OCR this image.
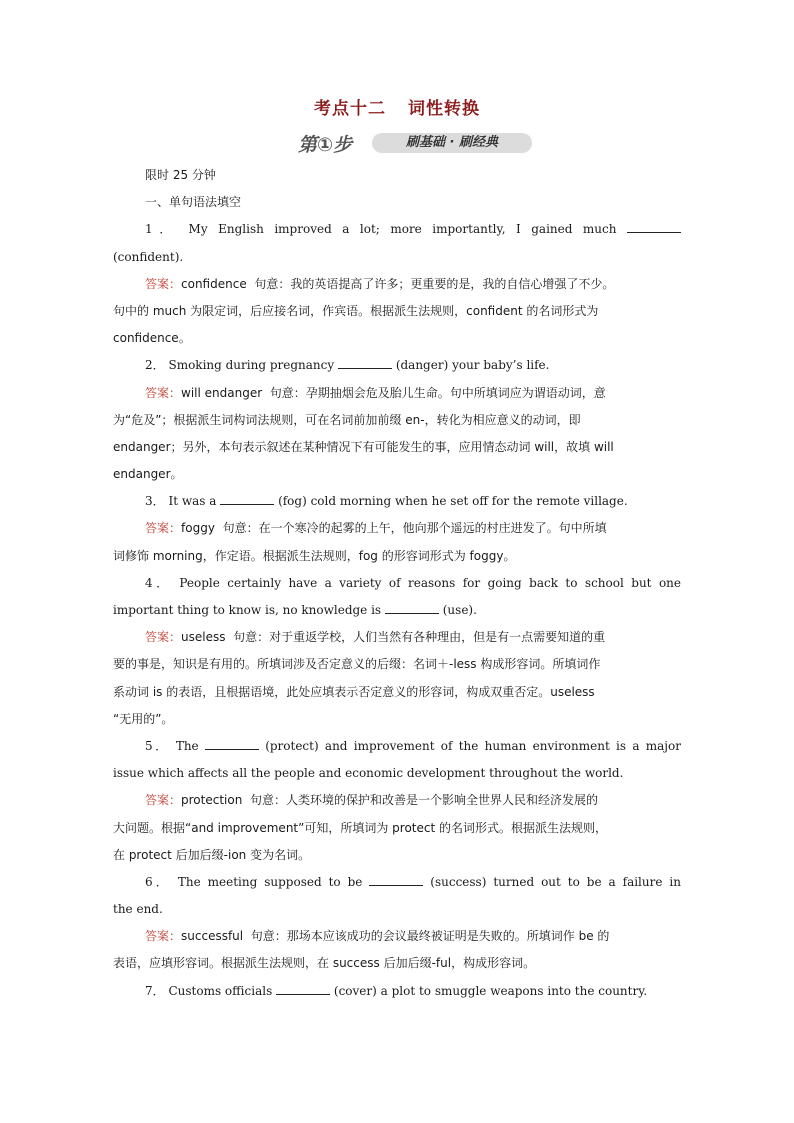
考点十二 词性转换
第①步	刷基础 · 刷经典
限时 25 分钟
一、单句语法填空
1． My English improved a lot; more importantly, I gained much
(confident).
答案：confidence 句意：我的英语提高了许多；更重要的是，我的自信心增强了不少。
句中的 much 为限定词，后应接名词，作宾语。根据派生法规则，confident 的名词形式为
confidence。
2． Smoking during pregnancy	(danger) your baby’s life.
答案：will endanger 句意：孕期抽烟会危及胎儿生命。句中所填词应为谓语动词，意
为“危及”；根据派生词构词法规则，可在名词前加前缀 en-，转化为相应意义的动词，即
endanger；另外，本句表示叙述在某种情况下有可能发生的事，应用情态动词 will，故填 will
endanger。
3． It was a	(fog) cold morning when he set off for the remote village.
答案：foggy 句意：在一个寒冷的起雾的上午，他向那个遥远的村庄进发了。句中所填
词修饰 morning，作定语。根据派生法规则，fog 的形容词形式为 foggy。
4． People certainly have a variety of reasons for going back to school but one
important thing to know is, no knowledge is	(use).
答案：useless 句意：对于重返学校，人们当然有各种理由，但是有一点需要知道的重
要的事是，知识是有用的。所填词涉及否定意义的后缀：名词＋-less 构成形容词。所填词作
系动词 is 的表语，且根据语境，此处应填表示否定意义的形容词，构成双重否定。useless
“无用的”。
5． The	(protect) and improvement of the human environment is a major
issue which affects all the people and economic development throughout the world.
答案：protection 句意：人类环境的保护和改善是一个影响全世界人民和经济发展的
大问题。根据“and improvement”可知，所填词为 protect 的名词形式。根据派生法规则，
在 protect 后加后缀-ion 变为名词。
6． The meeting supposed to be	(success) turned out to be a failure in
the end.
答案：successful 句意：那场本应该成功的会议最终被证明是失败的。所填词作 be 的
表语，应填形容词。根据派生法规则，在 success 后加后缀-ful，构成形容词。
7． Customs officials	(cover) a plot to smuggle weapons into the country.
